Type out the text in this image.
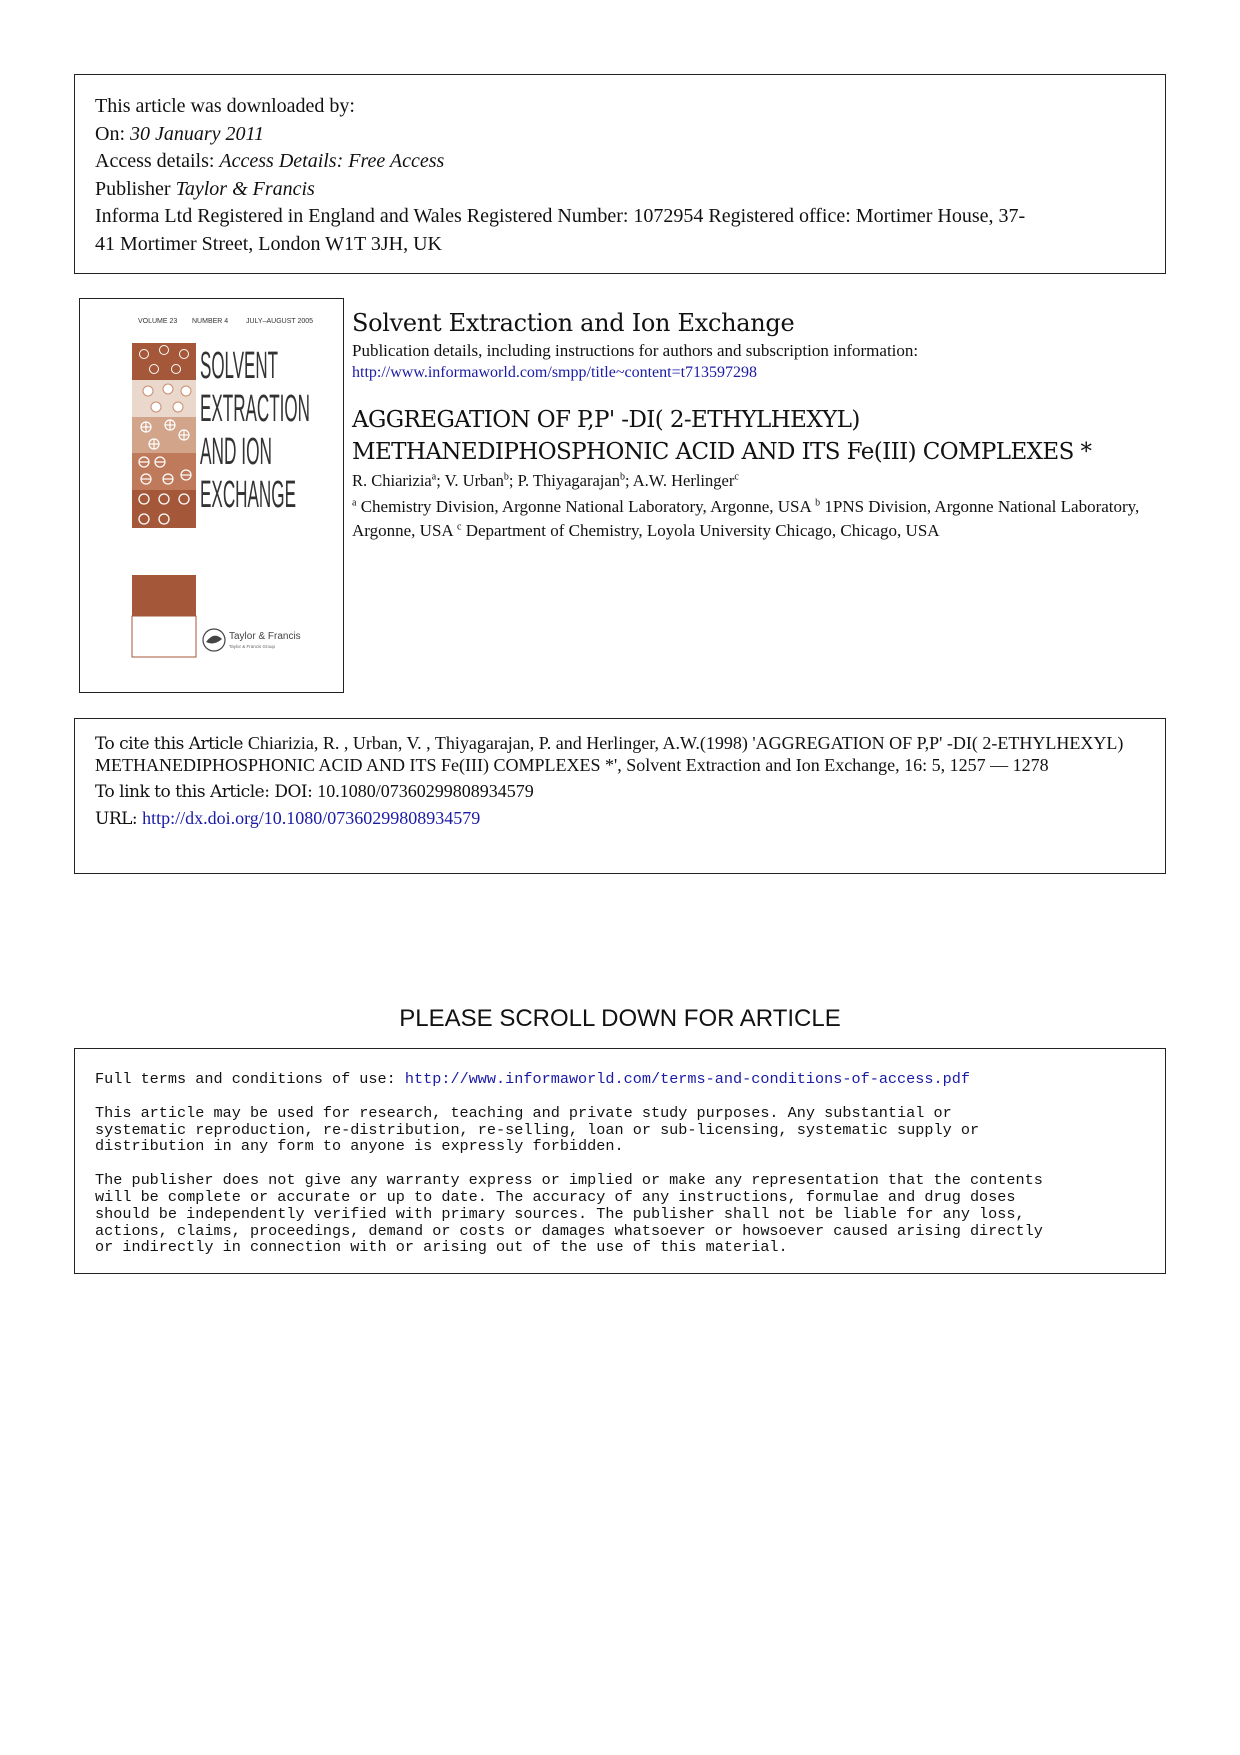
This article was downloaded by:
On: 30 January 2011
Access details: Access Details: Free Access
Publisher Taylor & Francis
Informa Ltd Registered in England and Wales Registered Number: 1072954 Registered office: Mortimer House, 37-
41 Mortimer Street, London W1T 3JH, UK
VOLUME 23 NUMBER 4	JULY–AUGUST 2005
SOLVENT
EXTRACTION
AND ION
EXCHANGE
Taylor & Francis
Taylor & Francis Group
Solvent Extraction and Ion Exchange
Publication details, including instructions for authors and subscription information:
http://www.informaworld.com/smpp/title~content=t713597298
AGGREGATION OF P,P' -DI( 2-ETHYLHEXYL)
METHANEDIPHOSPHONIC ACID AND ITS Fe(III) COMPLEXES *
R. Chiarizia$^a$; V. Urban$^b$; P. Thiyagarajan$^b$; A.W. Herlinger$^c$
$^a$ Chemistry Division, Argonne National Laboratory, Argonne, USA $^b$ 1PNS Division, Argonne National Laboratory, Argonne, USA $^c$ Department of Chemistry, Loyola University Chicago, Chicago, USA
To cite this Article Chiarizia, R. , Urban, V. , Thiyagarajan, P. and Herlinger, A.W.(1998) 'AGGREGATION OF P,P' -DI( 2-ETHYLHEXYL) METHANEDIPHOSPHONIC ACID AND ITS Fe(III) COMPLEXES *', Solvent Extraction and Ion Exchange, 16: 5, 1257 — 1278
To link to this Article: DOI: 10.1080/07360299808934579
URL: http://dx.doi.org/10.1080/07360299808934579
PLEASE SCROLL DOWN FOR ARTICLE

Full terms and conditions of use: http://www.informaworld.com/terms-and-conditions-of-access.pdf

This article may be used for research, teaching and private study purposes. Any substantial or
systematic reproduction, re-distribution, re-selling, loan or sub-licensing, systematic supply or
distribution in any form to anyone is expressly forbidden.

The publisher does not give any warranty express or implied or make any representation that the contents
will be complete or accurate or up to date. The accuracy of any instructions, formulae and drug doses
should be independently verified with primary sources. The publisher shall not be liable for any loss,
actions, claims, proceedings, demand or costs or damages whatsoever or howsoever caused arising directly
or indirectly in connection with or arising out of the use of this material.
